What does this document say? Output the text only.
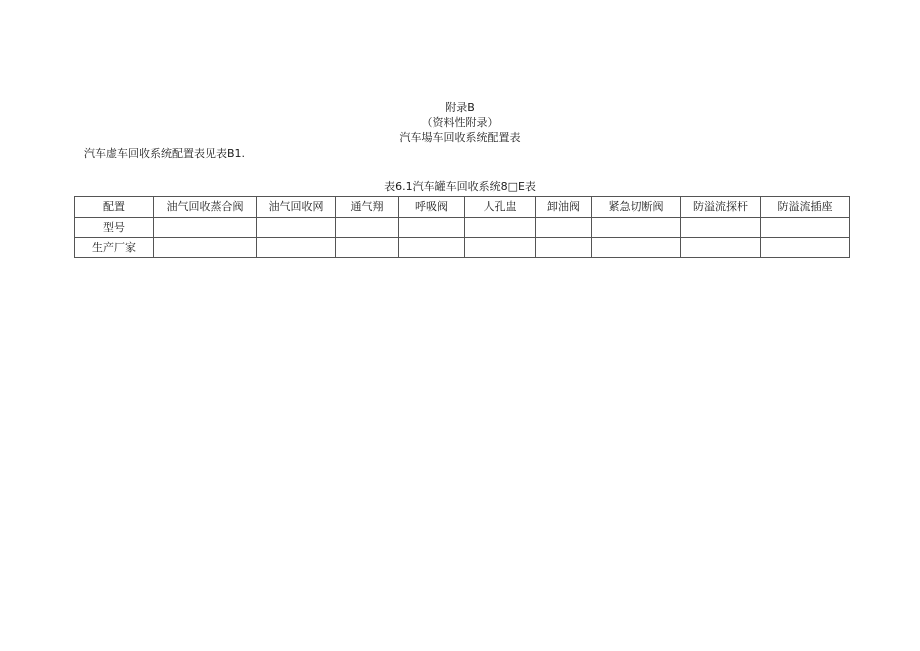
附录B
（资料性附录）
汽车場车回收系统配置表
汽车虚车回收系统配置表见表B1.
表6.1汽车罐车回收系统8□E表
配置	油气回收蒸合阀	油气回收网	通气翔	呼吸阀	人孔盅	卸油阀	紧急切断阀	防溢流探杆	防溢流插座
型号									
生产厂家									
